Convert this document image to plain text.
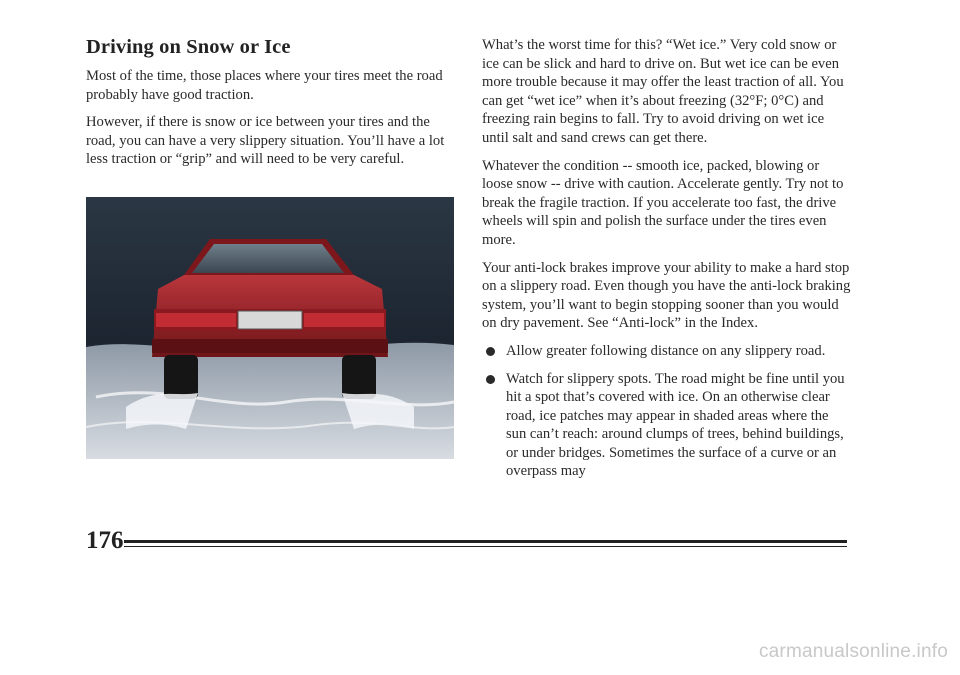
Driving on Snow or Ice

Most of the time, those places where your tires meet the road probably have good traction.

However, if there is snow or ice between your tires and the road, you can have a very slippery situation. You’ll have a lot less traction or “grip” and will need to be very careful.

What’s the worst time for this? “Wet ice.” Very cold snow or ice can be slick and hard to drive on. But wet ice can be even more trouble because it may offer the least traction of all. You can get “wet ice” when it’s about freezing (32°F; 0°C) and freezing rain begins to fall. Try to avoid driving on wet ice until salt and sand crews can get there.

Whatever the condition -- smooth ice, packed, blowing or loose snow -- drive with caution. Accelerate gently. Try not to break the fragile traction. If you accelerate too fast, the drive wheels will spin and polish the surface under the tires even more.

Your anti-lock brakes improve your ability to make a hard stop on a slippery road. Even though you have the anti-lock braking system, you’ll want to begin stopping sooner than you would on dry pavement. See “Anti-lock” in the Index.

Allow greater following distance on any slippery road.
Watch for slippery spots. The road might be fine until you hit a spot that’s covered with ice. On an otherwise clear road, ice patches may appear in shaded areas where the sun can’t reach: around clumps of trees, behind buildings, or under bridges. Sometimes the surface of a curve or an overpass may
176
carmanualsonline.info
